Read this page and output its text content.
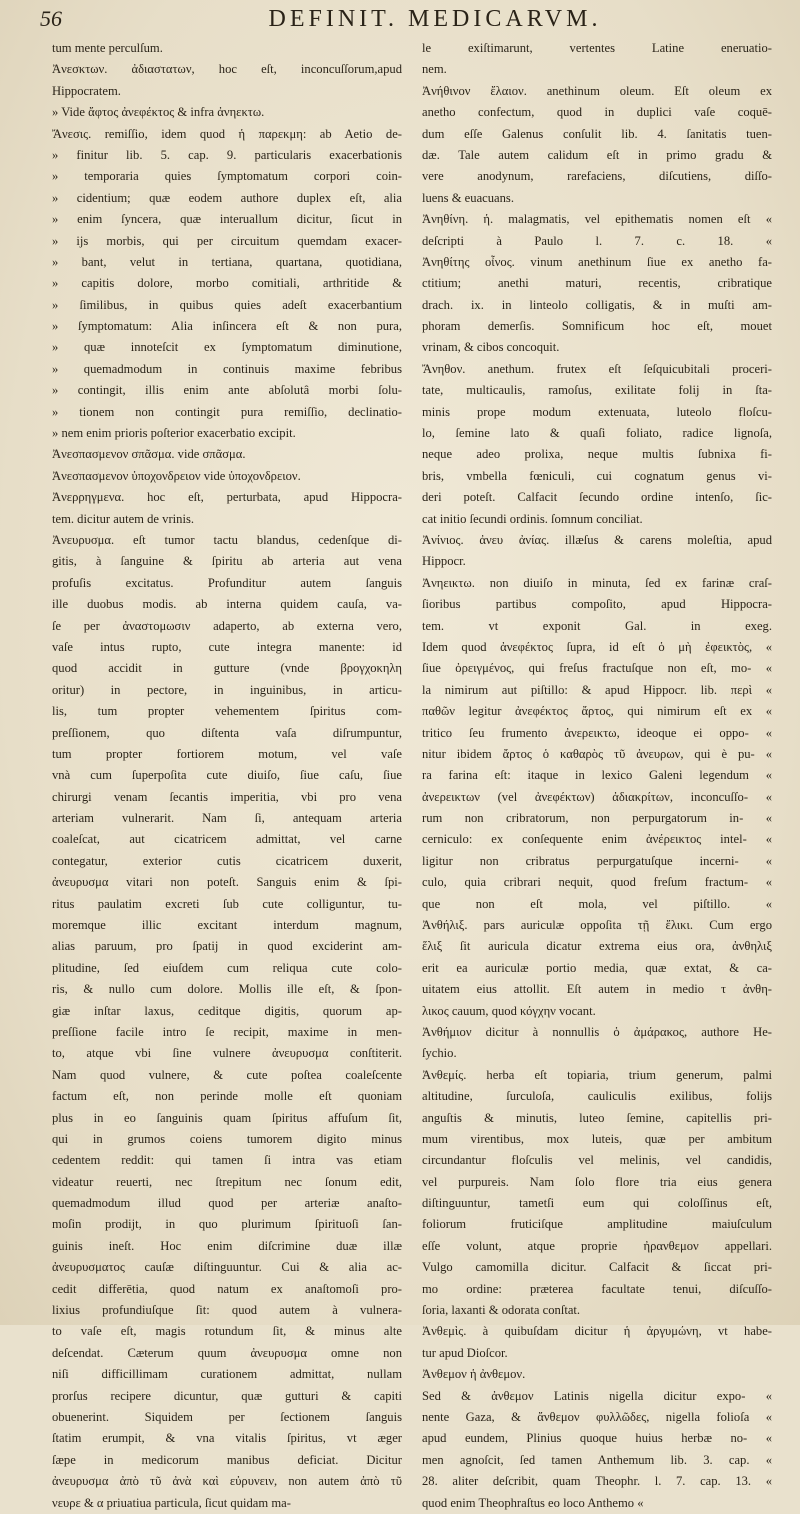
56	DEFINIT. MEDICARVM.
tum mente perculſum.
Ἀνεσκτων. ἀδιαστατων, hoc eſt, inconcuſſorum,apud
Hippocratem.
» Vide ἄφτος ἀνεφέκτος & infra ἀνηεκτω.
Ἄνεσις. remiſſio, idem quod ἡ παρεκμη: ab Aetio de-
» finitur lib. 5. cap. 9. particularis exacerbationis
» temporaria quies ſymptomatum corpori coin-
» cidentium; quæ eodem authore duplex eſt, alia
» enim ſyncera, quæ interuallum dicitur, ſicut in
» ijs morbis, qui per circuitum quemdam exacer-
» bant, velut in tertiana, quartana, quotidiana,
» capitis dolore, morbo comitiali, arthritide &
» ſimilibus, in quibus quies adeſt exacerbantium
» ſymptomatum: Alia inſincera eſt & non pura,
» quæ innoteſcit ex ſymptomatum diminutione,
» quemadmodum in continuis maxime febribus
» contingit, illis enim ante abſolutâ morbi ſolu-
» tionem non contingit pura remiſſio, declinatio-
» nem enim prioris poſterior exacerbatio excipit.
Ἀνεσπασμενον σπᾶσμα. vide σπᾶσμα.
Ἀνεσπασμενον ὑποχονδρειον vide ὑποχονδρειον.
Ἀνερρηγμενα. hoc eſt, perturbata, apud Hippocra-
tem. dicitur autem de vrinis.
Ἀνευρυσμα. eſt tumor tactu blandus, cedenſque di-
gitis, à ſanguine & ſpiritu ab arteria aut vena
profuſis excitatus. Profunditur autem ſanguis
ille duobus modis. ab interna quidem cauſa, va-
ſe per ἀναστομωσιν adaperto, ab externa vero,
vaſe intus rupto, cute integra manente: id
quod accidit in gutture (vnde βρογχοκηλη
oritur) in pectore, in inguinibus, in articu-
lis, tum propter vehementem ſpiritus com-
preſſionem, quo diſtenta vaſa diſrumpuntur,
tum propter fortiorem motum, vel vaſe
vnà cum ſuperpoſita cute diuiſo, ſiue caſu, ſiue
chirurgi venam ſecantis imperitia, vbi pro vena
arteriam vulnerarit. Nam ſi, antequam arteria
coaleſcat, aut cicatricem admittat, vel carne
contegatur, exterior cutis cicatricem duxerit,
ἀνευρυσμα vitari non poteſt. Sanguis enim & ſpi-
ritus paulatim excreti ſub cute colliguntur, tu-
moremque illic excitant interdum magnum,
alias paruum, pro ſpatij in quod exciderint am-
plitudine, ſed eiuſdem cum reliqua cute colo-
ris, & nullo cum dolore. Mollis ille eſt, & ſpon-
giæ inſtar laxus, ceditque digitis, quorum ap-
preſſione facile intro ſe recipit, maxime in men-
to, atque vbi ſine vulnere ἀνευρυσμα conſtiterit.
Nam quod vulnere, & cute poſtea coaleſcente
factum eſt, non perinde molle eſt quoniam
plus in eo ſanguinis quam ſpiritus affuſum ſit,
qui in grumos coiens tumorem digito minus
cedentem reddit: qui tamen ſi intra vas etiam
videatur reuerti, nec ſtrepitum nec ſonum edit,
quemadmodum illud quod per arteriæ anaſto-
moſin prodijt, in quo plurimum ſpirituoſi ſan-
guinis ineſt. Hoc enim diſcrimine duæ illæ
ἀνευρυσματος cauſæ diſtinguuntur. Cui & alia ac-
cedit differētia, quod natum ex anaſtomoſi pro-
lixius profundiuſque ſit: quod autem à vulnera-
to vaſe eſt, magis rotundum ſit, & minus alte
deſcendat. Cæterum quum ἀνευρυσμα omne non
niſi difficillimam curationem admittat, nullam
prorſus recipere dicuntur, quæ gutturi & capiti
obuenerint. Siquidem per ſectionem ſanguis
ſtatim erumpit, & vna vitalis ſpiritus, vt æger
ſæpe in medicorum manibus deficiat. Dicitur
ἀνευρυσμα ἀπὸ τῦ ἀνὰ καὶ εὐρυνειν, non autem ἀπὸ τῦ
νευρε & α priuatiua particula, ſicut quidam ma-
le exiſtimarunt, vertentes Latine eneruatio-
nem.
Ἀνήθινον ἔλαιον. anethinum oleum. Eſt oleum ex
anetho confectum, quod in duplici vaſe coquē-
dum eſſe Galenus conſulit lib. 4. ſanitatis tuen-
dæ. Tale autem calidum eſt in primo gradu &
vere anodynum, rarefaciens, diſcutiens, diſſo-
luens & euacuans.
Ἀνηθίνη. ἡ. malagmatis, vel epithematis nomen eſt «
deſcripti à Paulo l. 7. c. 18. «
Ἀνηθίτης οἶνος. vinum anethinum ſiue ex anetho fa-
ctitium; anethi maturi, recentis, cribratique
drach. ix. in linteolo colligatis, & in muſti am-
phoram demerſis. Somnificum hoc eſt, mouet
vrinam, & cibos concoquit.
Ἄνηθον. anethum. frutex eſt ſeſquicubitali proceri-
tate, multicaulis, ramoſus, exilitate folij in ſta-
minis prope modum extenuata, luteolo floſcu-
lo, ſemine lato & quaſi foliato, radice lignoſa,
neque adeo prolixa, neque multis ſubnixa fi-
bris, vmbella fœniculi, cui cognatum genus vi-
deri poteſt. Calfacit ſecundo ordine intenſo, ſic-
cat initio ſecundi ordinis. ſomnum conciliat.
Ἀνίνιος. ἀνευ ἀνίας. illæſus & carens moleſtia, apud
Hippocr.
Ἀνηεικτω. non diuiſo in minuta, ſed ex farinæ craſ-
ſioribus partibus compoſito, apud Hippocra-
tem. vt exponit Gal. in exeg.
Idem quod ἀνεφέκτος ſupra, id eſt ὁ μὴ ἐφεικτὸς, «
ſiue ὀρειγμένος, qui freſus fractuſque non eſt, mo- «
la nimirum aut piſtillo: & apud Hippocr. lib. περὶ «
παθῶν legitur ἀνεφέκτος ἄρτος, qui nimirum eſt ex «
tritico ſeu frumento ἀνερεικτω, ideoque ei oppo- «
nitur ibidem ἄρτος ὁ καθαρὸς τῦ ἀνευρων, qui è pu- «
ra farina eſt: itaque in lexico Galeni legendum «
ἀνερεικτων (vel ἀνεφέκτων) ἀδιακρίτων, inconcuſſo- «
rum non cribratorum, non perpurgatorum in- «
cerniculo: ex conſequente enim ἀνέρεικτος intel- «
ligitur non cribratus perpurgatuſque incerni- «
culo, quia cribrari nequit, quod freſum fractum- «
que non eſt mola, vel piſtillo. «
Ἀνθήλιξ. pars auriculæ oppoſita τῇ ἕλικι. Cum ergo
ἕλιξ ſit auricula dicatur extrema eius ora, ἀνθηλιξ
erit ea auriculæ portio media, quæ extat, & ca-
uitatem eius attollit. Eſt autem in medio τ ἀνθη-
λικος cauum, quod κόγχην vocant.
Ἀνθήμιον dicitur à nonnullis ὁ ἀμάρακος, authore He-
ſychio.
Ἀνθεμίς. herba eſt topiaria, trium generum, palmi
altitudine, ſurculoſa, cauliculis exilibus, folijs
anguſtis & minutis, luteo ſemine, capitellis pri-
mum virentibus, mox luteis, quæ per ambitum
circundantur floſculis vel melinis, vel candidis,
vel purpureis. Nam ſolo flore tria eius genera
diſtinguuntur, tametſi eum qui coloſſinus eſt,
foliorum fruticiſque amplitudine maiuſculum
eſſe volunt, atque proprie ἠρανθεμον appellari.
Vulgo camomilla dicitur. Calfacit & ſiccat pri-
mo ordine: præterea facultate tenui, diſcuſſo-
ſoria, laxanti & odorata conſtat.
Ἀνθεμὶς. à quibuſdam dicitur ἡ ἀργυμώνη, vt habe-
tur apud Dioſcor.
Ἀνθεμον ἡ ἀνθεμον.
Sed & ἀνθεμον Latinis nigella dicitur expo- «
nente Gaza, & ἄνθεμον φυλλῶδες, nigella folioſa «
apud eundem, Plinius quoque huius herbæ no- «
men agnoſcit, ſed tamen Anthemum lib. 3. cap. «
28. aliter deſcribit, quam Theophr. l. 7. cap. 13. «
quod enim Theophraſtus eo loco Anthemo «
